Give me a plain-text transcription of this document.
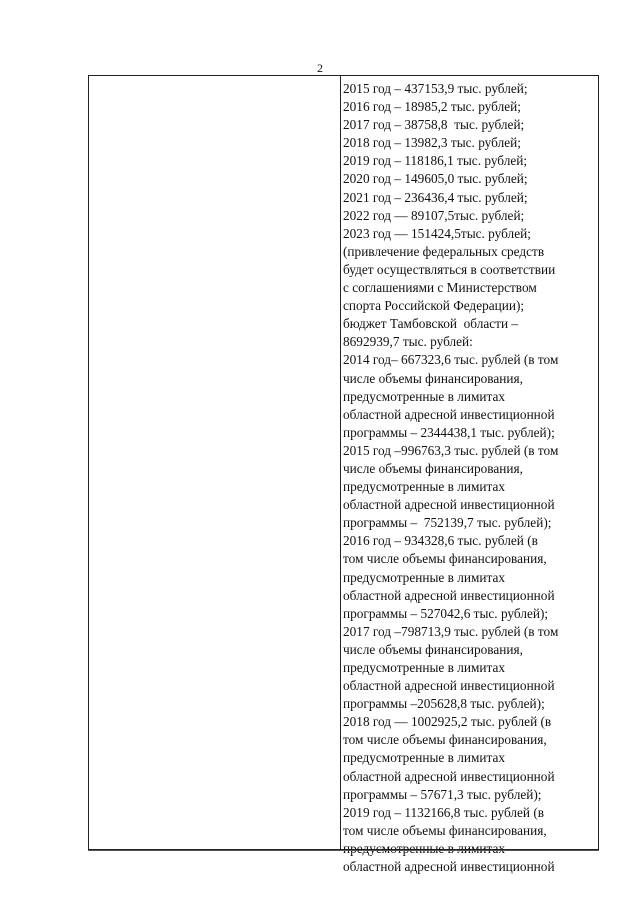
2
2015 год – 437153,9 тыс. рублей;
2016 год – 18985,2 тыс. рублей;
2017 год – 38758,8  тыс. рублей;
2018 год – 13982,3 тыс. рублей;
2019 год – 118186,1 тыс. рублей;
2020 год – 149605,0 тыс. рублей;
2021 год – 236436,4 тыс. рублей;
2022 год — 89107,5тыс. рублей;
2023 год — 151424,5тыс. рублей;
(привлечение федеральных средств
будет осуществляться в соответствии
с соглашениями с Министерством
спорта Российской Федерации);
бюджет Тамбовской  области –
8692939,7 тыс. рублей:
2014 год– 667323,6 тыс. рублей (в том
числе объемы финансирования,
предусмотренные в лимитах
областной адресной инвестиционной
программы – 2344438,1 тыс. рублей);
2015 год –996763,3 тыс. рублей (в том
числе объемы финансирования,
предусмотренные в лимитах
областной адресной инвестиционной
программы –  752139,7 тыс. рублей);
2016 год – 934328,6 тыс. рублей (в
том числе объемы финансирования,
предусмотренные в лимитах
областной адресной инвестиционной
программы – 527042,6 тыс. рублей);
2017 год –798713,9 тыс. рублей (в том
числе объемы финансирования,
предусмотренные в лимитах
областной адресной инвестиционной
программы –205628,8 тыс. рублей);
2018 год — 1002925,2 тыс. рублей (в
том числе объемы финансирования,
предусмотренные в лимитах
областной адресной инвестиционной
программы – 57671,3 тыс. рублей);
2019 год – 1132166,8 тыс. рублей (в
том числе объемы финансирования,
предусмотренные в лимитах
областной адресной инвестиционной
